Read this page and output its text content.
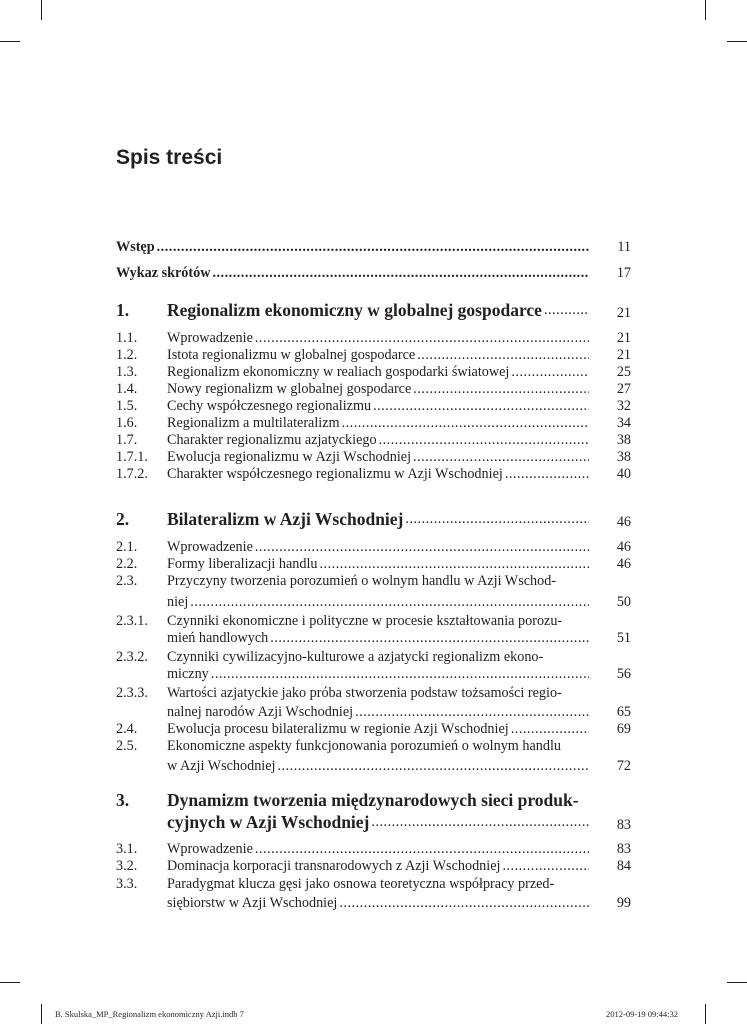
Spis treści
Wstęp .....	11
Wykaz skrótów .....	17
1. Regionalizm ekonomiczny w globalnej gospodarce .....	21
1.1. Wprowadzenie .....	21
1.2. Istota regionalizmu w globalnej gospodarce .....	21
1.3. Regionalizm ekonomiczny w realiach gospodarki światowej .....	25
1.4. Nowy regionalizm w globalnej gospodarce .....	27
1.5. Cechy współczesnego regionalizmu .....	32
1.6. Regionalizm a multilateralizm .....	34
1.7. Charakter regionalizmu azjatyckiego .....	38
1.7.1. Ewolucja regionalizmu w Azji Wschodniej .....	38
1.7.2. Charakter współczesnego regionalizmu w Azji Wschodniej .....	40
2. Bilateralizm w Azji Wschodniej .....	46
2.1. Wprowadzenie .....	46
2.2. Formy liberalizacji handlu .....	46
2.3. Przyczyny tworzenia porozumień o wolnym handlu w Azji Wschod-
niej .....	50
2.3.1. Czynniki ekonomiczne i polityczne w procesie kształtowania porozu-
mień handlowych .....	51
2.3.2. Czynniki cywilizacyjno-kulturowe a azjatycki regionalizm ekono-
miczny .....	56
2.3.3. Wartości azjatyckie jako próba stworzenia podstaw tożsamości regio-
nalnej narodów Azji Wschodniej .....	65
2.4. Ewolucja procesu bilateralizmu w regionie Azji Wschodniej .....	69
2.5. Ekonomiczne aspekty funkcjonowania porozumień o wolnym handlu
w Azji Wschodniej .....	72
3. Dynamizm tworzenia międzynarodowych sieci produk-
cyjnych w Azji Wschodniej .....	83
3.1. Wprowadzenie .....	83
3.2. Dominacja korporacji transnarodowych z Azji Wschodniej .....	84
3.3. Paradygmat klucza gęsi jako osnowa teoretyczna współpracy przed-
siębiorstw w Azji Wschodniej .....	99
B. Skulska_MP_Regionalizm ekonomiczny Azji.indb 7	2012-09-19 09:44:32
